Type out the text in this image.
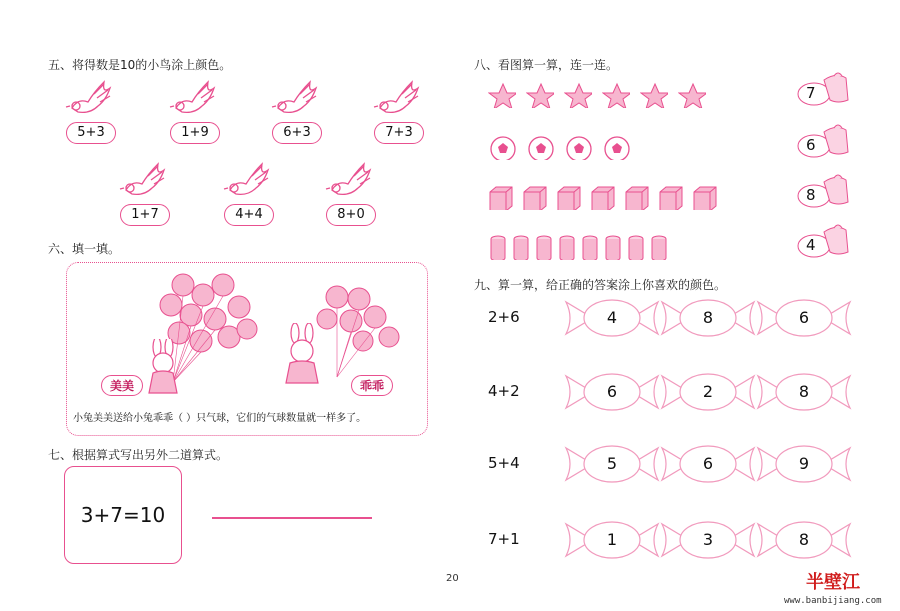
五、将得数是10的小鸟涂上颜色。
5+3	1+9	6+3	7+3
1+7	4+4	8+0
六、填一填。
美美	乖乖
小兔美美送给小兔乖乖（ ）只气球，它们的气球数量就一样多了。
七、根据算式写出另外二道算式。
3+7=10
八、看图算一算，连一连。
7
6
8
4
九、算一算，给正确的答案涂上你喜欢的颜色。
2+6	4	8	6
4+2	6	2	8
5+4	5	6	9
7+1	1	3	8
20	半壁江
www.banbijiang.com
